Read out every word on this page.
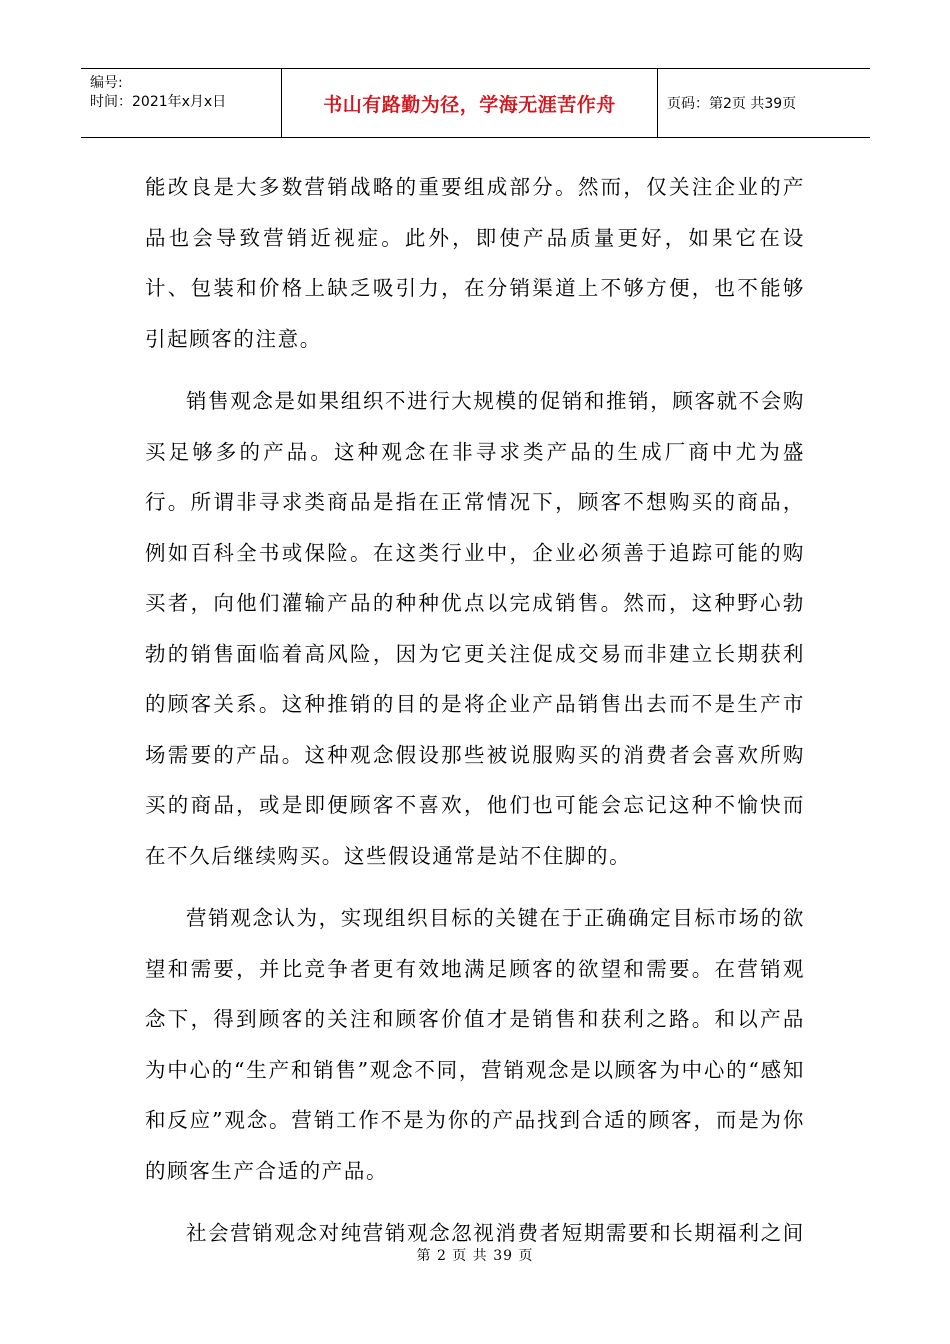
编号:
时间：2021年x月x日	书山有路勤为径，学海无涯苦作舟	页码：第2页 共39页

能改良是大多数营销战略的重要组成部分。然而，仅关注企业的产品也会导致营销近视症。此外，即使产品质量更好，如果它在设计、包装和价格上缺乏吸引力，在分销渠道上不够方便，也不能够引起顾客的注意。

销售观念是如果组织不进行大规模的促销和推销，顾客就不会购买足够多的产品。这种观念在非寻求类产品的生成厂商中尤为盛行。所谓非寻求类商品是指在正常情况下，顾客不想购买的商品，例如百科全书或保险。在这类行业中，企业必须善于追踪可能的购买者，向他们灌输产品的种种优点以完成销售。然而，这种野心勃勃的销售面临着高风险，因为它更关注促成交易而非建立长期获利的顾客关系。这种推销的目的是将企业产品销售出去而不是生产市场需要的产品。这种观念假设那些被说服购买的消费者会喜欢所购买的商品，或是即便顾客不喜欢，他们也可能会忘记这种不愉快而在不久后继续购买。这些假设通常是站不住脚的。

营销观念认为，实现组织目标的关键在于正确确定目标市场的欲望和需要，并比竞争者更有效地满足顾客的欲望和需要。在营销观念下，得到顾客的关注和顾客价值才是销售和获利之路。和以产品为中心的“生产和销售”观念不同，营销观念是以顾客为中心的“感知和反应”观念。营销工作不是为你的产品找到合适的顾客，而是为你的顾客生产合适的产品。

社会营销观念对纯营销观念忽视消费者短期需要和长期福利之间

第 2 页 共 39 页
